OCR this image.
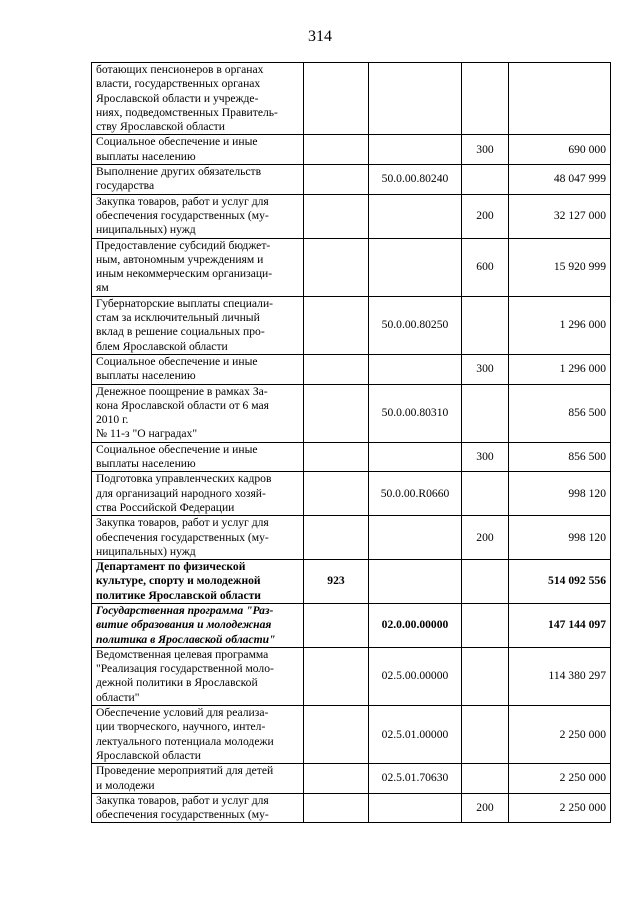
314
ботающих пенсионеров в органах
власти, государственных органах
Ярославской области и учрежде-
ниях, подведомственных Правитель-
ству Ярославской области				

Социальное обеспечение и иные
выплаты населению			300	690 000

Выполнение других обязательств
государства		50.0.00.80240		48 047 999

Закупка товаров, работ и услуг для
обеспечения государственных (му-
ниципальных) нужд			200	32 127 000

Предоставление субсидий бюджет-
ным, автономным учреждениям и
иным некоммерческим организаци-
ям			600	15 920 999

Губернаторские выплаты специали-
стам за исключительный личный
вклад в решение социальных про-
блем Ярославской области		50.0.00.80250		1 296 000

Социальное обеспечение и иные
выплаты населению			300	1 296 000

Денежное поощрение в рамках За-
кона Ярославской области от 6 мая
2010 г.
№ 11-з "О наградах"		50.0.00.80310		856 500

Социальное обеспечение и иные
выплаты населению			300	856 500

Подготовка управленческих кадров
для организаций народного хозяй-
ства Российской Федерации		50.0.00.R0660		998 120

Закупка товаров, работ и услуг для
обеспечения государственных (му-
ниципальных) нужд			200	998 120

Департамент по физической
культуре, спорту и молодежной
политике Ярославской области	923			514 092 556

Государственная программа "Раз-
витие образования и молодежная
политика в Ярославской области"		02.0.00.00000		147 144 097

Ведомственная целевая программа
"Реализация государственной моло-
дежной политики в Ярославской
области"		02.5.00.00000		114 380 297

Обеспечение условий для реализа-
ции творческого, научного, интел-
лектуального потенциала молодежи
Ярославской области		02.5.01.00000		2 250 000

Проведение мероприятий для детей
и молодежи		02.5.01.70630		2 250 000

Закупка товаров, работ и услуг для
обеспечения государственных (му-			200	2 250 000
